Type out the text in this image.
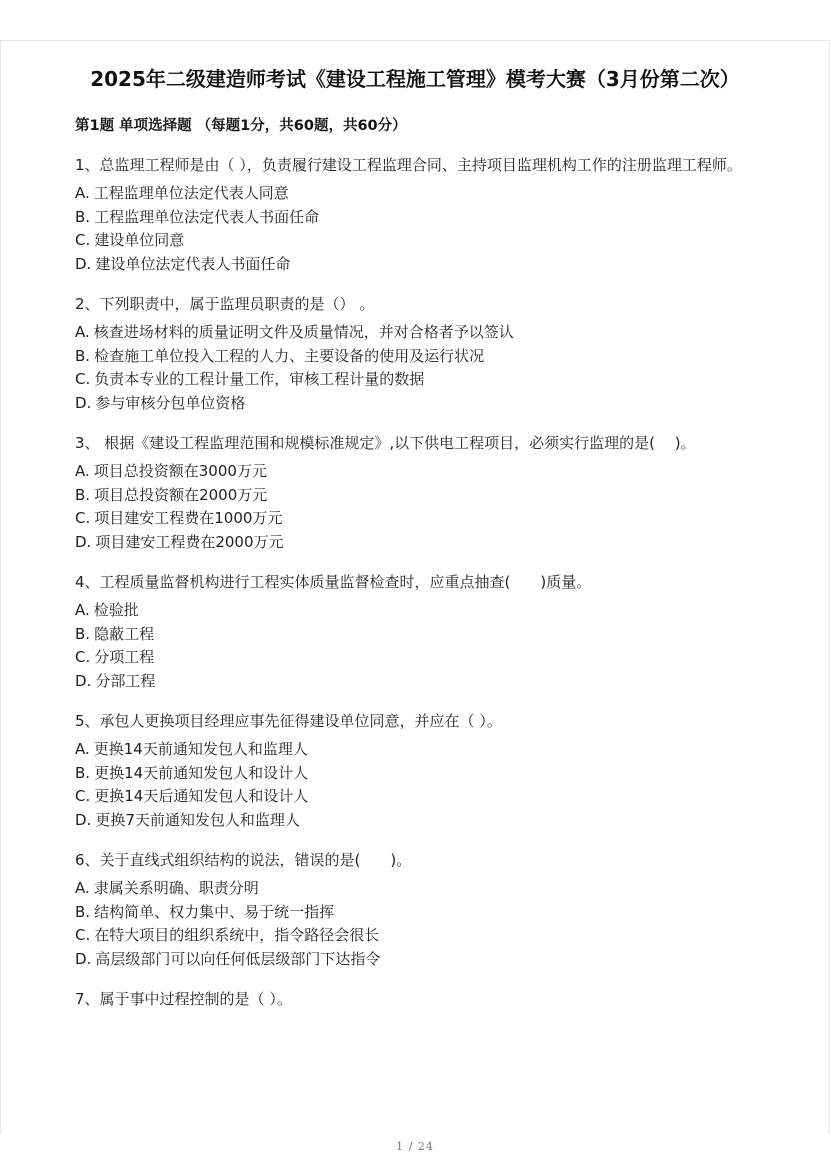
2025年二级建造师考试《建设工程施工管理》模考大赛（3月份第二次）
第1题 单项选择题 （每题1分，共60题，共60分）
1、总监理工程师是由（ ），负责履行建设工程监理合同、主持项目监理机构工作的注册监理工程师。
A. 工程监理单位法定代表人同意
B. 工程监理单位法定代表人书面任命
C. 建设单位同意
D. 建设单位法定代表人书面任命
2、下列职责中，属于监理员职责的是（） 。
A. 核查进场材料的质量证明文件及质量情况，并对合格者予以签认
B. 检查施工单位投入工程的人力、主要设备的使用及运行状况
C. 负责本专业的工程计量工作，审核工程计量的数据
D. 参与审核分包单位资格
3、 根据《建设工程监理范围和规模标准规定》,以下供电工程项目，必须实行监理的是(　 )。
A. 项目总投资额在3000万元
B. 项目总投资额在2000万元
C. 项目建安工程费在1000万元
D. 项目建安工程费在2000万元
4、工程质量监督机构进行工程实体质量监督检查时，应重点抽查(　　)质量。
A. 检验批
B. 隐蔽工程
C. 分项工程
D. 分部工程
5、承包人更换项目经理应事先征得建设单位同意，并应在（ ）。
A. 更换14天前通知发包人和监理人
B. 更换14天前通知发包人和设计人
C. 更换14天后通知发包人和设计人
D. 更换7天前通知发包人和监理人
6、关于直线式组织结构的说法，错误的是(　　)。
A. 隶属关系明确、职责分明
B. 结构简单、权力集中、易于统一指挥
C. 在特大项目的组织系统中，指令路径会很长
D. 高层级部门可以向任何低层级部门下达指令
7、属于事中过程控制的是（ ）。
1 / 24
